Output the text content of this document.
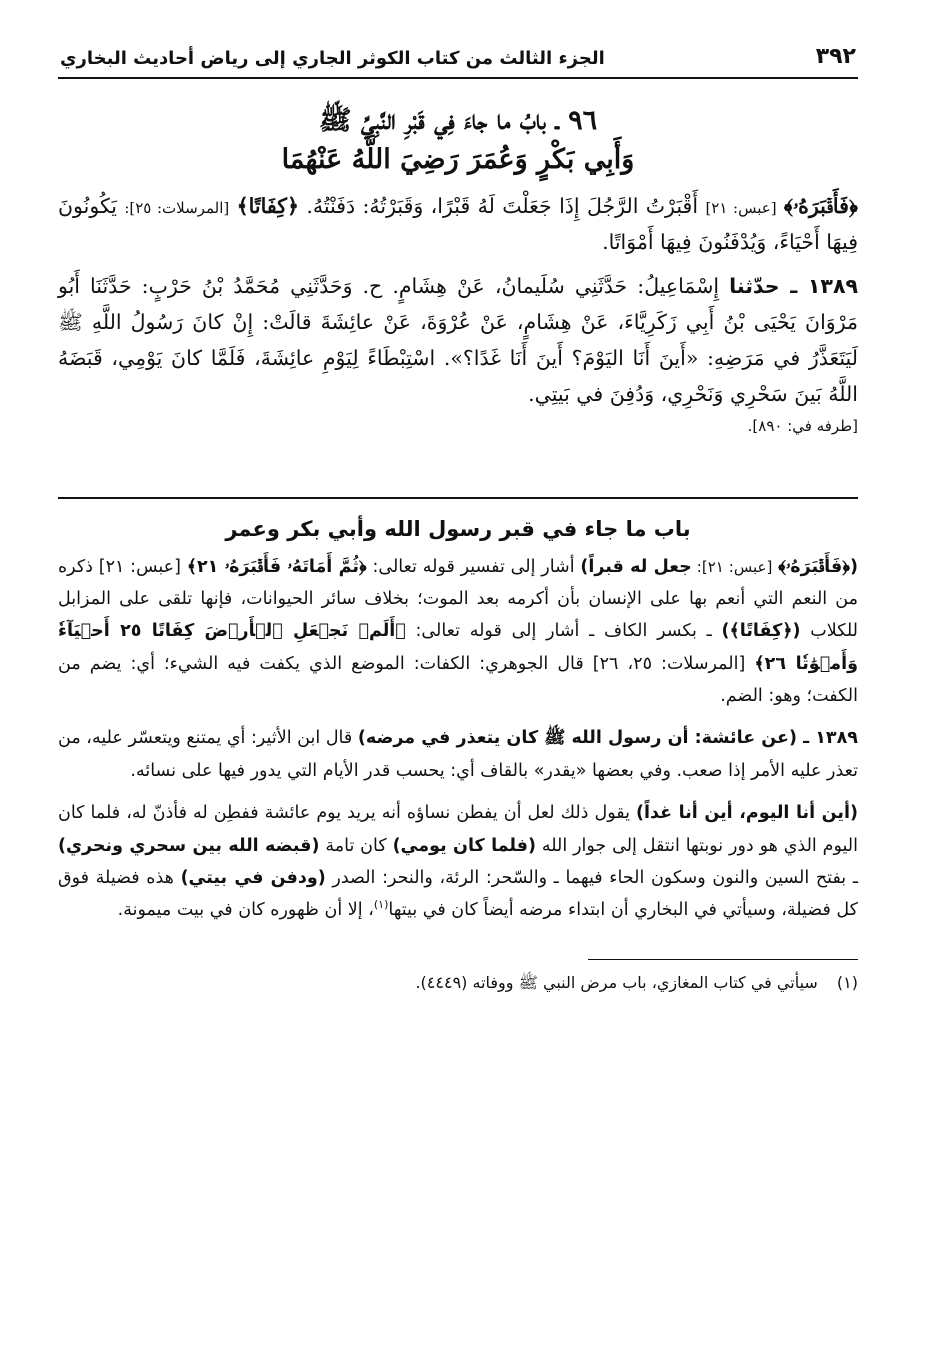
٣٩٢
الجزء الثالث من كتاب الكوثر الجاري إلى رياض أحاديث البخاري
٩٦ ـ بابُ ما جاءَ فِي قَبْرِ النَّبِيِّ ﷺ
وَأَبِي بَكْرٍ وَعُمَرَ رَضِيَ اللَّهُ عَنْهُمَا

﴿فَأَقۡبَرَهُۥ﴾ [عبس: ٢١] أَقْبَرْتُ الرَّجُلَ إِذَا جَعَلْتَ لَهُ قَبْرًا، وَقَبَرْتُهُ: دَفَنْتُهُ. ﴿كِفَاتًا﴾ [المرسلات: ٢٥]: يَكُونُونَ فِيهَا أَحْيَاءً، وَيُدْفَنُونَ فِيهَا أَمْوَاتًا.

١٣٨٩ ـ حدّثنا إِسْمَاعِيلُ: حَدَّثَنِي سُلَيمانُ، عَنْ هِشَامٍ. ح. وَحَدَّثَنِي مُحَمَّدُ بْنُ حَرْبٍ: حَدَّثَنَا أَبُو مَرْوَانَ يَحْيَى بْنُ أَبِي زَكَرِيَّاءَ، عَنْ هِشَامٍ، عَنْ عُرْوَةَ، عَنْ عائِشَةَ قالَتْ: إِنْ كانَ رَسُولُ اللَّهِ ﷺ لَيَتَعَذَّرُ في مَرَضِهِ: «أَينَ أَنَا اليَوْمَ؟ أَينَ أَنَا غَدًا؟». اسْتِبْطَاءً لِيَوْمِ عائِشَةَ، فَلَمَّا كانَ يَوْمِي، قَبَضَهُ اللَّهُ بَينَ سَحْرِي وَنَحْرِي، وَدُفِنَ في بَيتِي.

[طرفه في: ٨٩٠].

باب ما جاء في قبر رسول الله وأبي بكر وعمر

(﴿فَأَقۡبَرَهُۥ﴾ [عبس: ٢١]: جعل له قبراً) أشار إلى تفسير قوله تعالى: ﴿ثُمَّ أَمَاتَهُۥ فَأَقۡبَرَهُۥ ٢١﴾ [عبس: ٢١] ذكره من النعم التي أنعم بها على الإنسان بأن أكرمه بعد الموت؛ بخلاف سائر الحيوانات، فإنها تلقى على المزابل للكلاب (﴿كِفَاتًا﴾) ـ بكسر الكاف ـ أشار إلى قوله تعالى: ﴿أَلَمۡ نَجۡعَلِ ٱلۡأَرۡضَ كِفَاتًا ٢٥ أَحۡيَآءٗ وَأَمۡوَٰتٗا ٢٦﴾ [المرسلات: ٢٥، ٢٦] قال الجوهري: الكفات: الموضع الذي يكفت فيه الشيء؛ أي: يضم من الكفت؛ وهو: الضم.

١٣٨٩ ـ (عن عائشة: أن رسول الله ﷺ كان يتعذر في مرضه) قال ابن الأثير: أي يمتنع ويتعسّر عليه، من تعذر عليه الأمر إذا صعب. وفي بعضها «يقدر» بالقاف أي: يحسب قدر الأيام التي يدور فيها على نسائه.

(أين أنا اليوم، أين أنا غداً) يقول ذلك لعل أن يفطن نساؤه أنه يريد يوم عائشة ففطِن له فأذنّ له، فلما كان اليوم الذي هو دور نوبتها انتقل إلى جوار الله (فلما كان يومي) كان تامة (قبضه الله بين سحري ونحري) ـ بفتح السين والنون وسكون الحاء فيهما ـ والسّحر: الرئة، والنحر: الصدر (ودفن في بيتي) هذه فضيلة فوق كل فضيلة، وسيأتي في البخاري أن ابتداء مرضه أيضاً كان في بيتها$^{(١)}$، إلا أن ظهوره كان في بيت ميمونة.

(١) سيأتي في كتاب المغازي، باب مرض النبي ﷺ ووفاته (٤٤٤٩).
